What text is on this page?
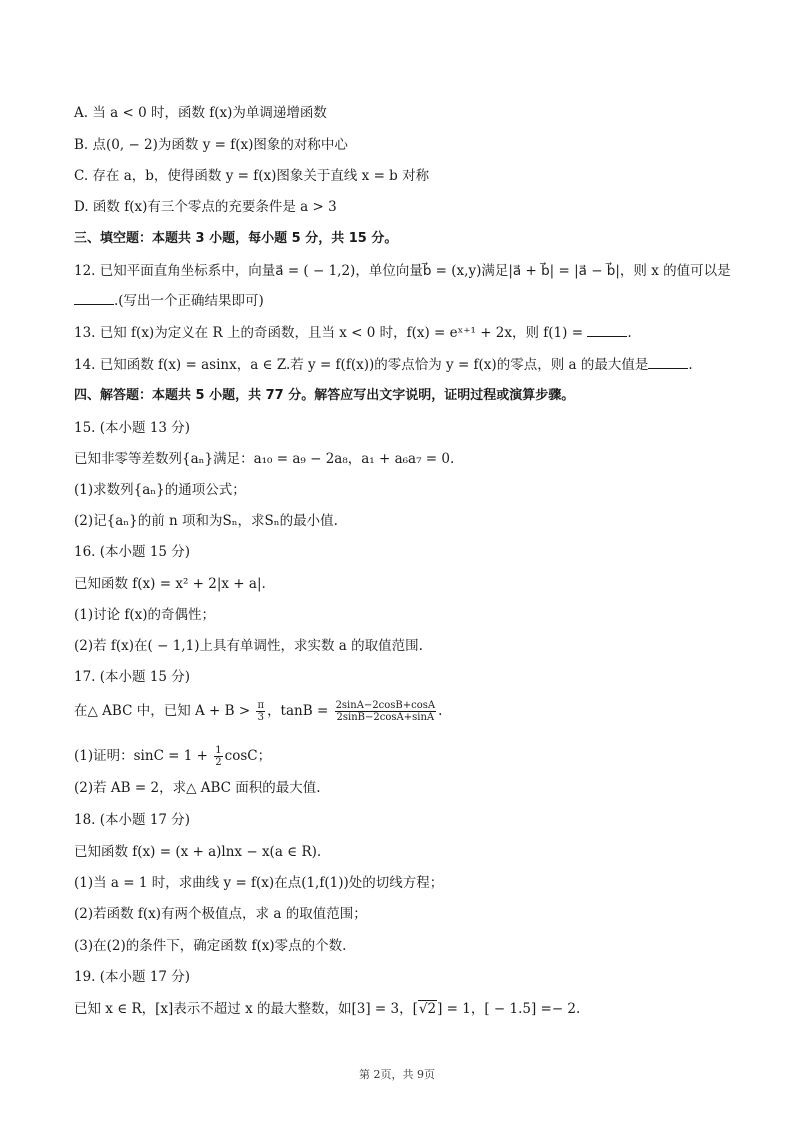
A. 当 a < 0 时，函数 f(x)为单调递增函数
B. 点(0, − 2)为函数 y = f(x)图象的对称中心
C. 存在 a，b，使得函数 y = f(x)图象关于直线 x = b 对称
D. 函数 f(x)有三个零点的充要条件是 a > 3
三、填空题：本题共 3 小题，每小题 5 分，共 15 分。
12. 已知平面直角坐标系中，向量a⃗ = ( − 1,2)，单位向量b⃗ = (x,y)满足|a⃗ + b⃗| = |a⃗ − b⃗|，则 x 的值可以是
.(写出一个正确结果即可)
13. 已知 f(x)为定义在 R 上的奇函数，且当 x < 0 时，f(x) = eˣ⁺¹ + 2x，则 f(1) =	.
14. 已知函数 f(x) = asinx，a ∈ Z.若 y = f(f(x))的零点恰为 y = f(x)的零点，则 a 的最大值是	.
四、解答题：本题共 5 小题，共 77 分。解答应写出文字说明，证明过程或演算步骤。
15. (本小题 13 分)
已知非零等差数列{aₙ}满足：a₁₀ = a₉ − 2a₈，a₁ + a₆a₇ = 0.
(1)求数列{aₙ}的通项公式；
(2)记{aₙ}的前 n 项和为Sₙ，求Sₙ的最小值.
16. (本小题 15 分)
已知函数 f(x) = x² + 2|x + a|.
(1)讨论 f(x)的奇偶性；
(2)若 f(x)在( − 1,1)上具有单调性，求实数 a 的取值范围.
17. (本小题 15 分)
在△ ABC 中，已知 $A + B > \frac{\pi}{3}$ ，$\tan B = \frac{2\sin A-2\cos B+\cos A}{2\sin B-2\cos A+\sin A}$ .
(1)证明：$\sin C = 1 + \frac{1}{2}$ cosC；
(2)若 AB = 2，求△ ABC 面积的最大值.
18. (本小题 17 分)
已知函数 f(x) = (x + a)lnx − x(a ∈ R).
(1)当 a = 1 时，求曲线 y = f(x)在点(1,f(1))处的切线方程；
(2)若函数 f(x)有两个极值点，求 a 的取值范围；
(3)在(2)的条件下，确定函数 f(x)零点的个数.
19. (本小题 17 分)
已知 x ∈ R，[x]表示不超过 x 的最大整数，如[3] = 3，[√2] = 1，[ − 1.5] =− 2.
第 2页，共 9页
